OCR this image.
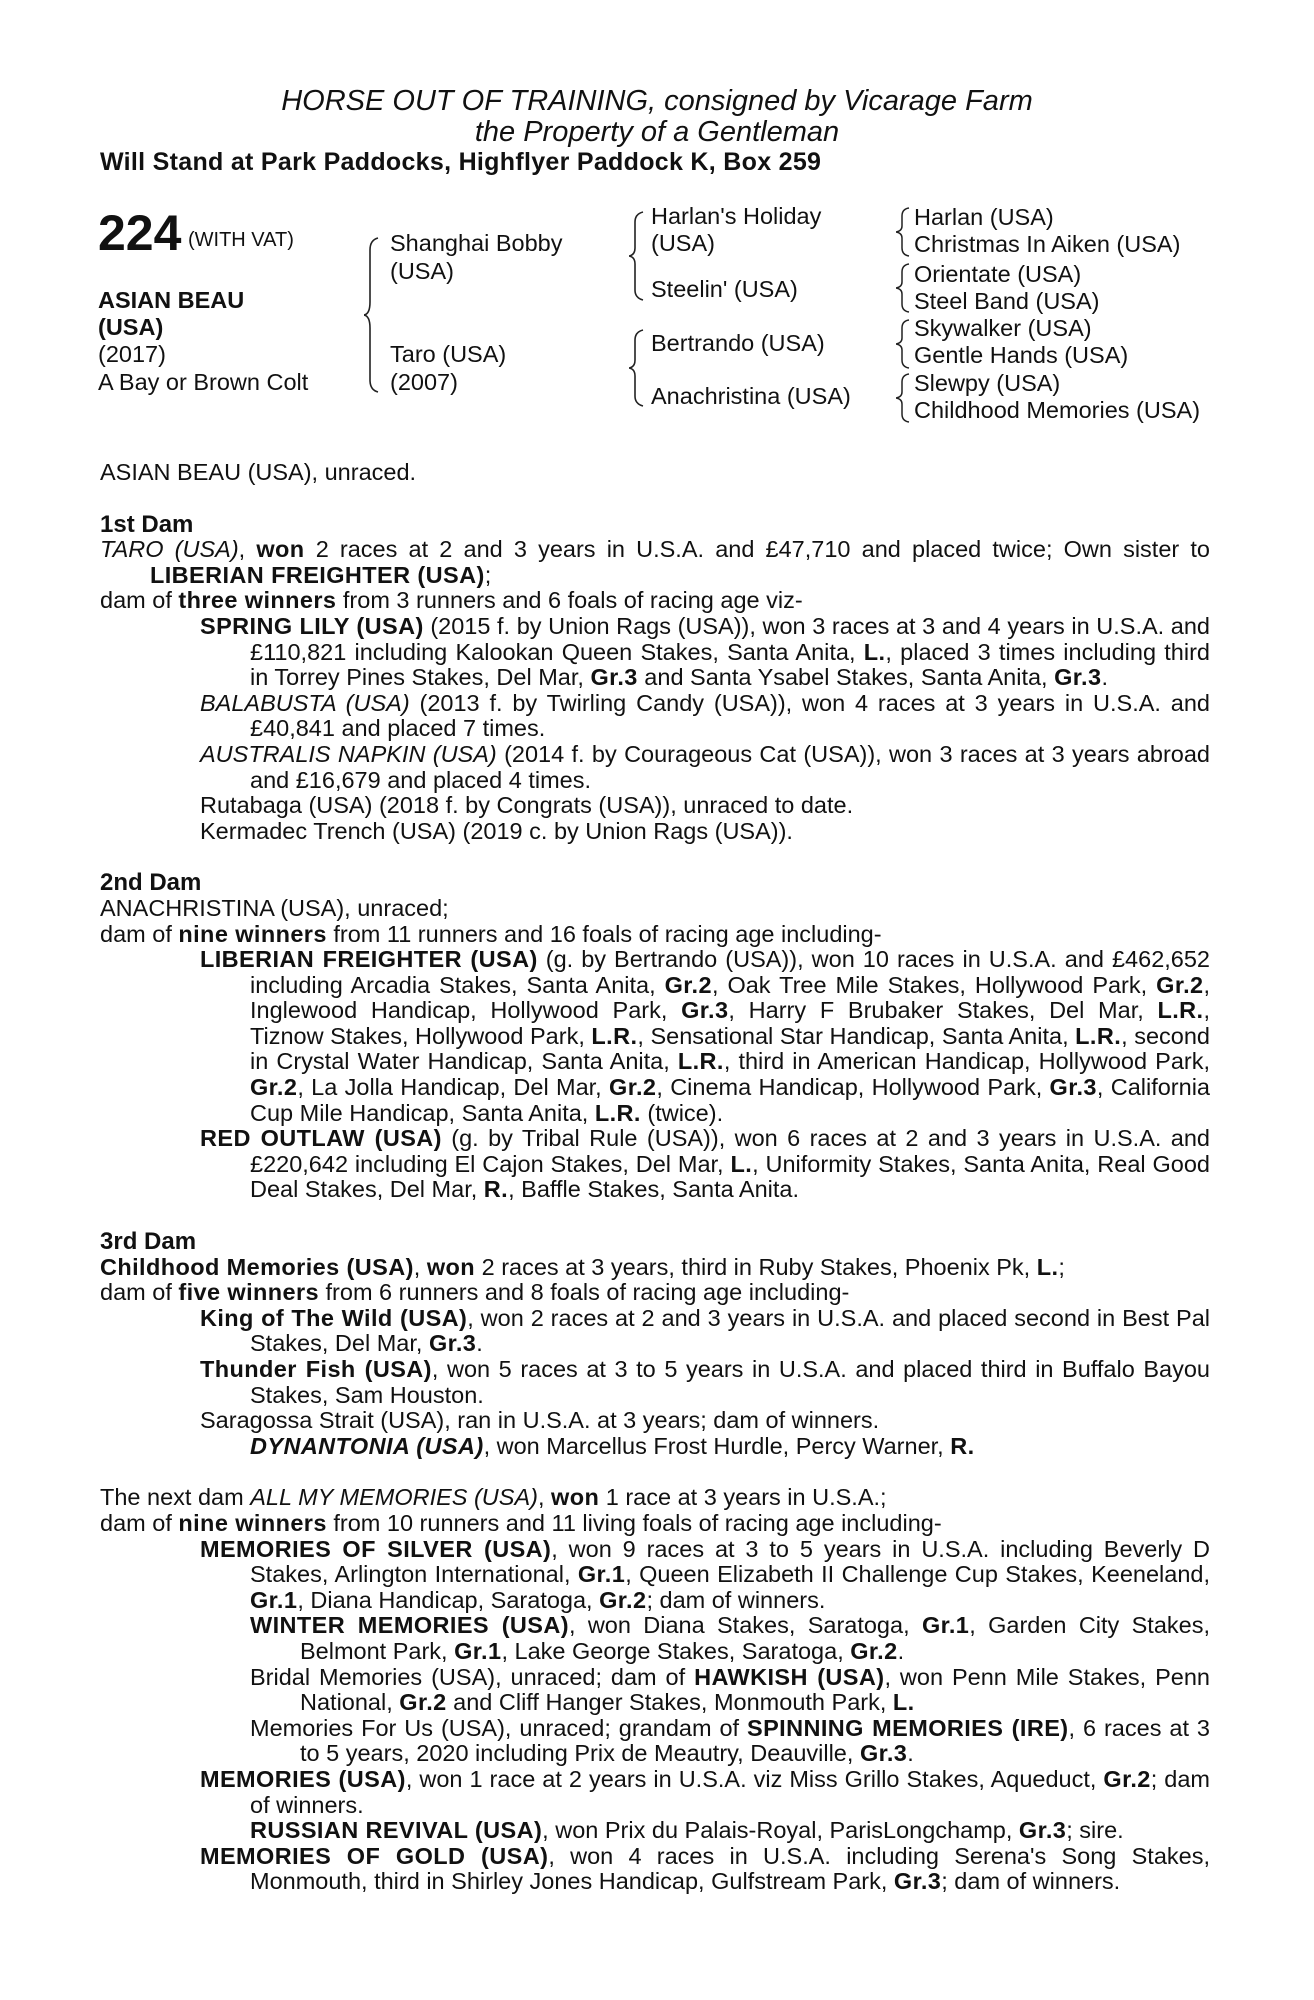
HORSE OUT OF TRAINING, consigned by Vicarage Farm
the Property of a Gentleman
Will Stand at Park Paddocks, Highflyer Paddock K, Box 259
224 (WITH VAT)
ASIAN BEAU
(USA)
(2017)
A Bay or Brown Colt
Shanghai Bobby
(USA)
Taro (USA)
(2007)
Harlan's Holiday
(USA)
Steelin' (USA)
Bertrando (USA)
Anachristina (USA)
Harlan (USA)
Christmas In Aiken (USA)
Orientate (USA)
Steel Band (USA)
Skywalker (USA)
Gentle Hands (USA)
Slewpy (USA)
Childhood Memories (USA)

ASIAN BEAU (USA), unraced.

1st Dam

TARO (USA), won 2 races at 2 and 3 years in U.S.A. and £47,710 and placed twice; Own sister to LIBERIAN FREIGHTER (USA);

dam of three winners from 3 runners and 6 foals of racing age viz-

SPRING LILY (USA) (2015 f. by Union Rags (USA)), won 3 races at 3 and 4 years in U.S.A. and £110,821 including Kalookan Queen Stakes, Santa Anita, L., placed 3 times including third in Torrey Pines Stakes, Del Mar, Gr.3 and Santa Ysabel Stakes, Santa Anita, Gr.3.

BALABUSTA (USA) (2013 f. by Twirling Candy (USA)), won 4 races at 3 years in U.S.A. and £40,841 and placed 7 times.

AUSTRALIS NAPKIN (USA) (2014 f. by Courageous Cat (USA)), won 3 races at 3 years abroad and £16,679 and placed 4 times.

Rutabaga (USA) (2018 f. by Congrats (USA)), unraced to date.

Kermadec Trench (USA) (2019 c. by Union Rags (USA)).

2nd Dam

ANACHRISTINA (USA), unraced;

dam of nine winners from 11 runners and 16 foals of racing age including-

LIBERIAN FREIGHTER (USA) (g. by Bertrando (USA)), won 10 races in U.S.A. and £462,652 including Arcadia Stakes, Santa Anita, Gr.2, Oak Tree Mile Stakes, Hollywood Park, Gr.2, Inglewood Handicap, Hollywood Park, Gr.3, Harry F Brubaker Stakes, Del Mar, L.R., Tiznow Stakes, Hollywood Park, L.R., Sensational Star Handicap, Santa Anita, L.R., second in Crystal Water Handicap, Santa Anita, L.R., third in American Handicap, Hollywood Park, Gr.2, La Jolla Handicap, Del Mar, Gr.2, Cinema Handicap, Hollywood Park, Gr.3, California Cup Mile Handicap, Santa Anita, L.R. (twice).

RED OUTLAW (USA) (g. by Tribal Rule (USA)), won 6 races at 2 and 3 years in U.S.A. and £220,642 including El Cajon Stakes, Del Mar, L., Uniformity Stakes, Santa Anita, Real Good Deal Stakes, Del Mar, R., Baffle Stakes, Santa Anita.

3rd Dam

Childhood Memories (USA), won 2 races at 3 years, third in Ruby Stakes, Phoenix Pk, L.;

dam of five winners from 6 runners and 8 foals of racing age including-

King of The Wild (USA), won 2 races at 2 and 3 years in U.S.A. and placed second in Best Pal Stakes, Del Mar, Gr.3.

Thunder Fish (USA), won 5 races at 3 to 5 years in U.S.A. and placed third in Buffalo Bayou Stakes, Sam Houston.

Saragossa Strait (USA), ran in U.S.A. at 3 years; dam of winners.

DYNANTONIA (USA), won Marcellus Frost Hurdle, Percy Warner, R.

The next dam ALL MY MEMORIES (USA), won 1 race at 3 years in U.S.A.;

dam of nine winners from 10 runners and 11 living foals of racing age including-

MEMORIES OF SILVER (USA), won 9 races at 3 to 5 years in U.S.A. including Beverly D Stakes, Arlington International, Gr.1, Queen Elizabeth II Challenge Cup Stakes, Keeneland, Gr.1, Diana Handicap, Saratoga, Gr.2; dam of winners.

WINTER MEMORIES (USA), won Diana Stakes, Saratoga, Gr.1, Garden City Stakes, Belmont Park, Gr.1, Lake George Stakes, Saratoga, Gr.2.

Bridal Memories (USA), unraced; dam of HAWKISH (USA), won Penn Mile Stakes, Penn National, Gr.2 and Cliff Hanger Stakes, Monmouth Park, L.

Memories For Us (USA), unraced; grandam of SPINNING MEMORIES (IRE), 6 races at 3 to 5 years, 2020 including Prix de Meautry, Deauville, Gr.3.

MEMORIES (USA), won 1 race at 2 years in U.S.A. viz Miss Grillo Stakes, Aqueduct, Gr.2; dam of winners.

RUSSIAN REVIVAL (USA), won Prix du Palais-Royal, ParisLongchamp, Gr.3; sire.

MEMORIES OF GOLD (USA), won 4 races in U.S.A. including Serena's Song Stakes, Monmouth, third in Shirley Jones Handicap, Gulfstream Park, Gr.3; dam of winners.
